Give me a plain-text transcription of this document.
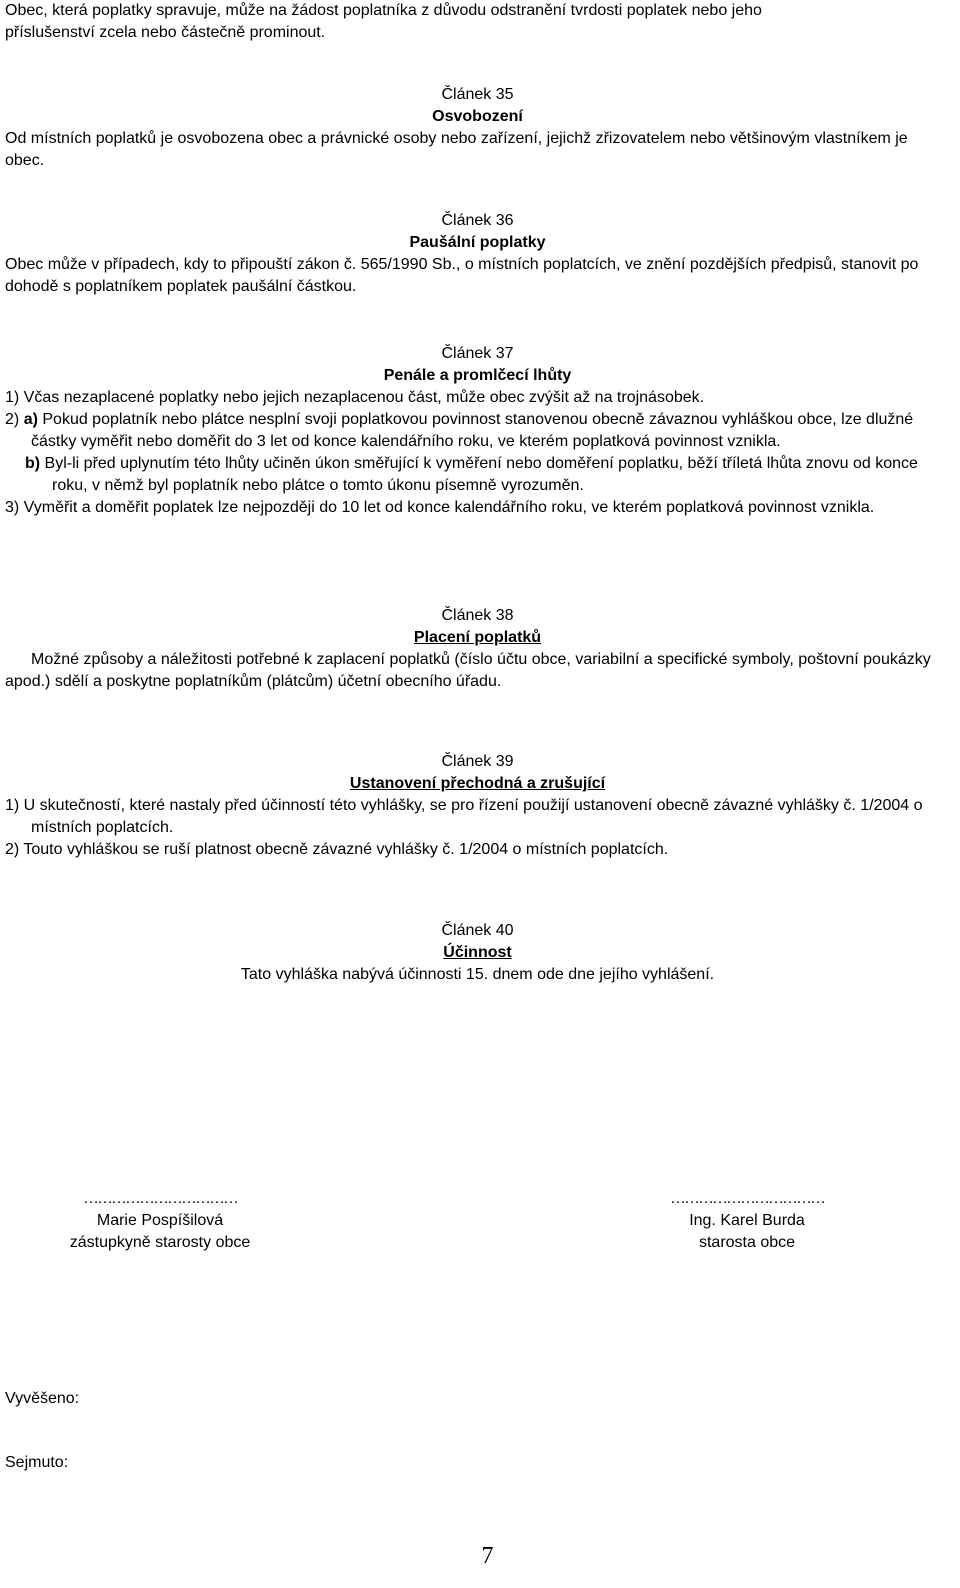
Obec, která poplatky spravuje, může na žádost poplatníka z důvodu odstranění tvrdosti poplatek nebo jeho

příslušenství zcela nebo částečně prominout.

Článek 35

Osvobození

Od místních poplatků je osvobozena obec a právnické osoby nebo zařízení, jejichž zřizovatelem nebo většinovým vlastníkem je obec.

Článek 36

Paušální poplatky

Obec může v případech, kdy to připouští zákon č. 565/1990 Sb., o místních poplatcích, ve znění pozdějších předpisů, stanovit po dohodě s poplatníkem poplatek paušální částkou.

Článek 37

Penále a promlčecí lhůty

1) Včas nezaplacené poplatky nebo jejich nezaplacenou část, může obec zvýšit až na trojnásobek.

2) a) Pokud poplatník nebo plátce nesplní svoji poplatkovou povinnost stanovenou obecně závaznou vyhláškou obce, lze dlužné částky vyměřit nebo doměřit do 3 let od konce kalendářního roku, ve kterém poplatková povinnost vznikla.

b) Byl-li před uplynutím této lhůty učiněn úkon směřující k vyměření nebo doměření poplatku, běží tříletá lhůta znovu od konce roku, v němž byl poplatník nebo plátce o tomto úkonu písemně vyrozuměn.

3) Vyměřit a doměřit poplatek lze nejpozději do 10 let od konce kalendářního roku, ve kterém poplatková povinnost vznikla.

Článek 38

Placení poplatků

Možné způsoby a náležitosti potřebné k zaplacení poplatků (číslo účtu obce, variabilní a specifické symboly, poštovní poukázky apod.) sdělí a poskytne poplatníkům (plátcům) účetní obecního úřadu.

Článek 39

Ustanovení přechodná a zrušující

1) U skutečností, které nastaly před účinností této vyhlášky, se pro řízení použijí ustanovení obecně závazné vyhlášky č. 1/2004 o místních poplatcích.

2) Touto vyhláškou se ruší platnost obecně závazné vyhlášky č. 1/2004 o místních poplatcích.

Článek 40

Účinnost

Tato vyhláška nabývá účinnosti 15. dnem ode dne jejího vyhlášení.

……………………………
Marie Pospíšilová
zástupkyně starosty obce
……………………………
Ing. Karel Burda
starosta obce
Vyvěšeno:
Sejmuto:
7
